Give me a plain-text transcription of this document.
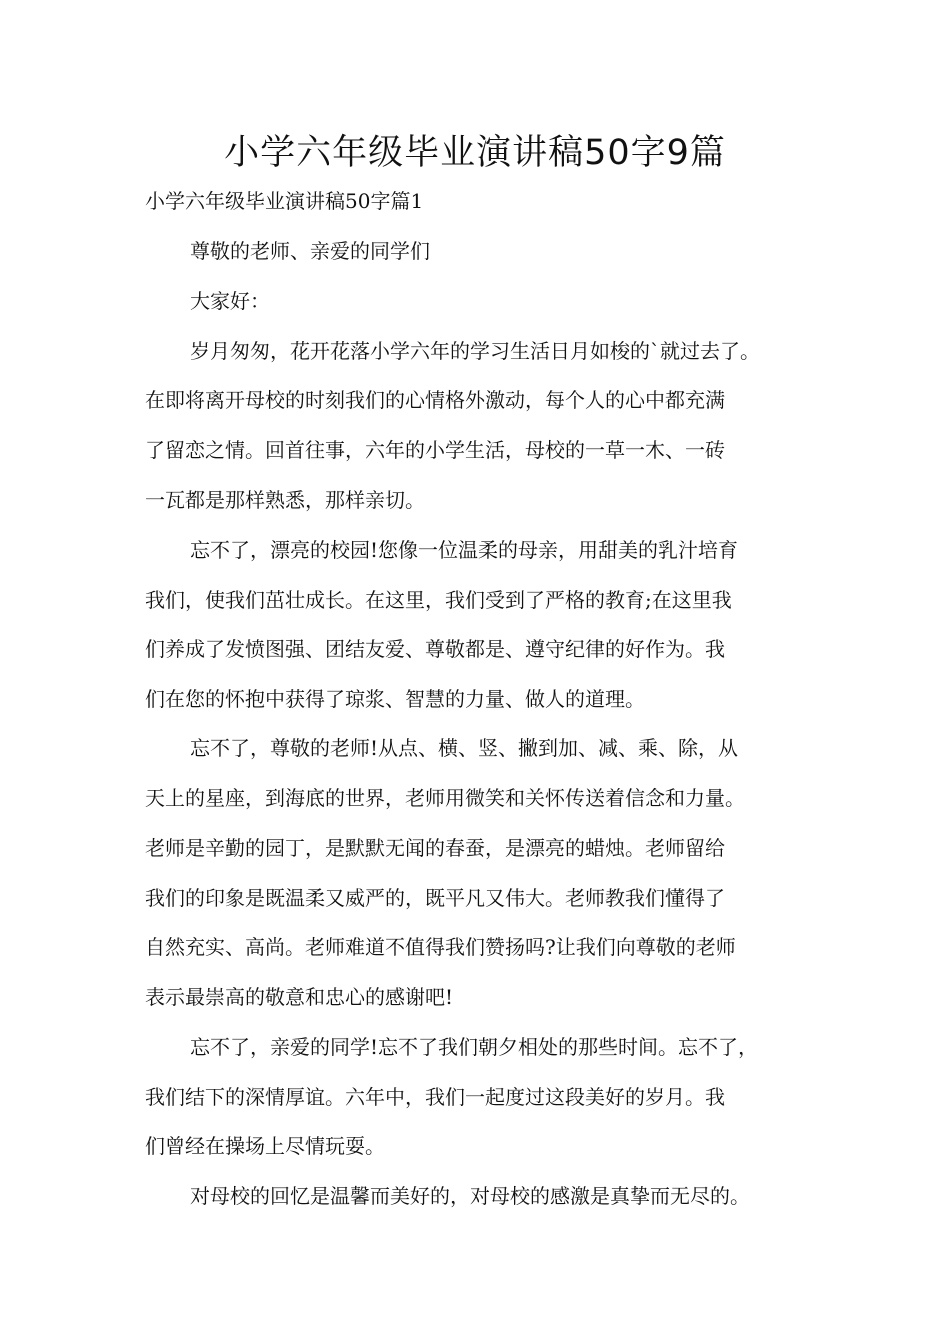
小学六年级毕业演讲稿50字9篇

小学六年级毕业演讲稿50字篇1

尊敬的老师、亲爱的同学们

大家好：

岁月匆匆，花开花落小学六年的学习生活日月如梭的`就过去了。

在即将离开母校的时刻我们的心情格外激动，每个人的心中都充满

了留恋之情。回首往事，六年的小学生活，母校的一草一木、一砖

一瓦都是那样熟悉，那样亲切。

忘不了，漂亮的校园!您像一位温柔的母亲，用甜美的乳汁培育

我们，使我们茁壮成长。在这里，我们受到了严格的教育;在这里我

们养成了发愤图强、团结友爱、尊敬都是、遵守纪律的好作为。我

们在您的怀抱中获得了琼浆、智慧的力量、做人的道理。

忘不了，尊敬的老师!从点、横、竖、撇到加、减、乘、除，从

天上的星座，到海底的世界，老师用微笑和关怀传送着信念和力量。

老师是辛勤的园丁，是默默无闻的春蚕，是漂亮的蜡烛。老师留给

我们的印象是既温柔又威严的，既平凡又伟大。老师教我们懂得了

自然充实、高尚。老师难道不值得我们赞扬吗?让我们向尊敬的老师

表示最崇高的敬意和忠心的感谢吧!

忘不了，亲爱的同学!忘不了我们朝夕相处的那些时间。忘不了，

我们结下的深情厚谊。六年中，我们一起度过这段美好的岁月。我

们曾经在操场上尽情玩耍。

对母校的回忆是温馨而美好的，对母校的感激是真挚而无尽的。
